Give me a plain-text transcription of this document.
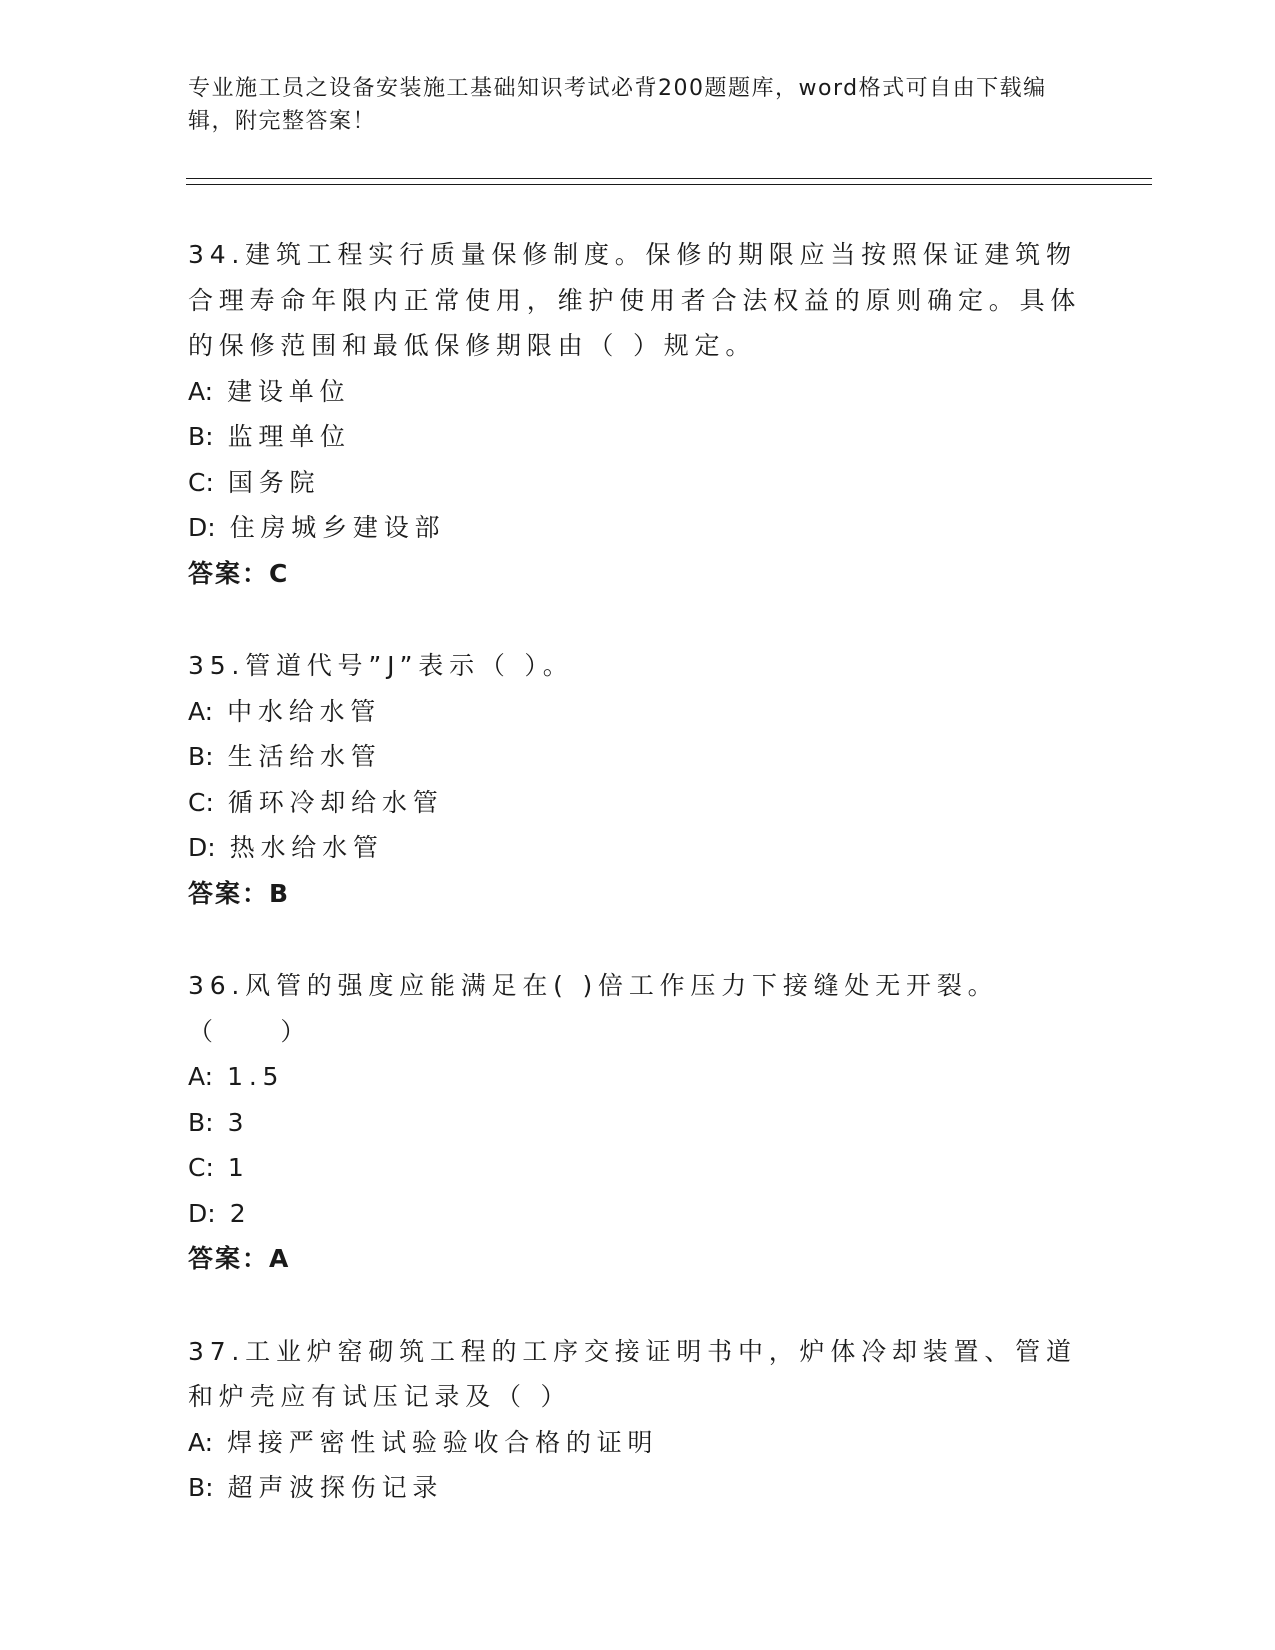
专业施工员之设备安装施工基础知识考试必背200题题库，word格式可自由下载编辑，附完整答案！
34.建筑工程实行质量保修制度。保修的期限应当按照保证建筑物合理寿命年限内正常使用，维护使用者合法权益的原则确定。具体的保修范围和最低保修期限由（ ）规定。
A: 建设单位
B: 监理单位
C: 国务院
D: 住房城乡建设部
答案：C
35.管道代号”J”表示（ ）。
A: 中水给水管
B: 生活给水管
C: 循环冷却给水管
D: 热水给水管
答案：B
36.风管的强度应能满足在( )倍工作压力下接缝处无开裂。（　　）
A: 1.5
B: 3
C: 1
D: 2
答案：A
37.工业炉窑砌筑工程的工序交接证明书中，炉体冷却装置、管道和炉壳应有试压记录及（ ）
A: 焊接严密性试验验收合格的证明
B: 超声波探伤记录
